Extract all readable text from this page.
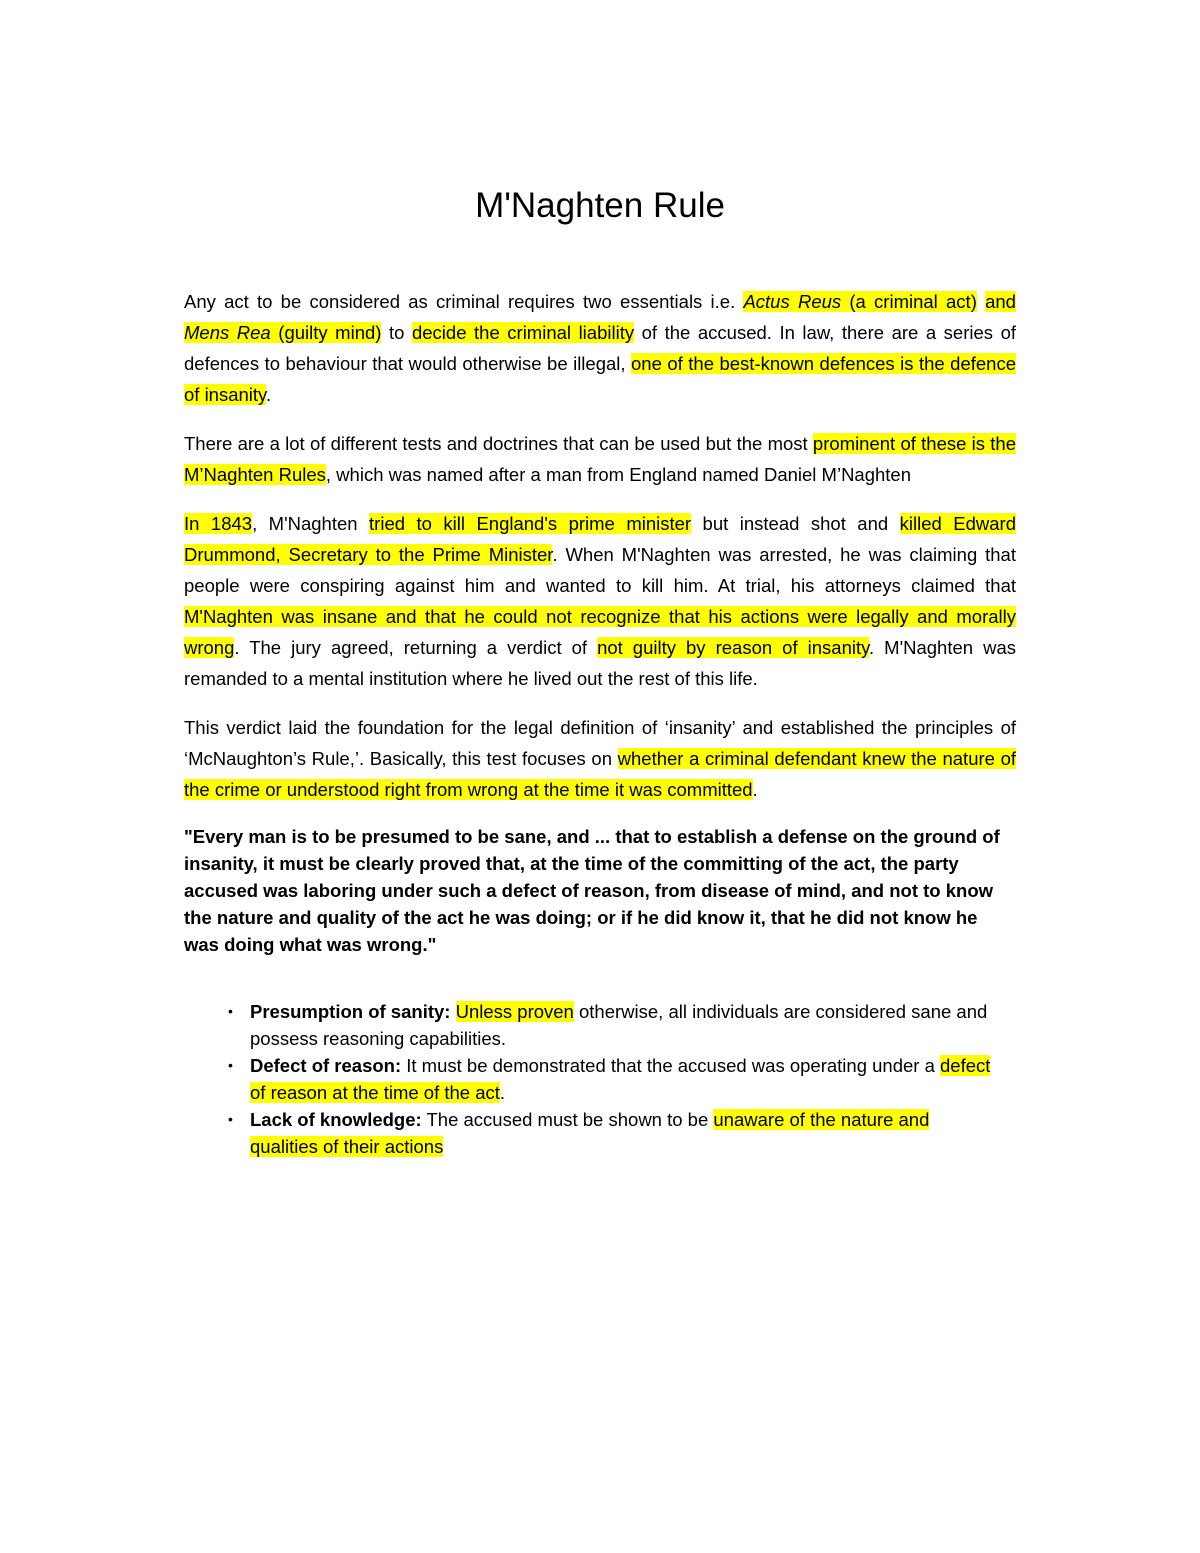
M'Naghten Rule

Any act to be considered as criminal requires two essentials i.e. Actus Reus (a criminal act) and Mens Rea (guilty mind) to decide the criminal liability of the accused. In law, there are a series of defences to behaviour that would otherwise be illegal, one of the best-known defences is the defence of insanity.

There are a lot of different tests and doctrines that can be used but the most prominent of these is the M’Naghten Rules, which was named after a man from England named Daniel M’Naghten

In 1843, M'Naghten tried to kill England's prime minister but instead shot and killed Edward Drummond, Secretary to the Prime Minister. When M'Naghten was arrested, he was claiming that people were conspiring against him and wanted to kill him. At trial, his attorneys claimed that M'Naghten was insane and that he could not recognize that his actions were legally and morally wrong. The jury agreed, returning a verdict of not guilty by reason of insanity. M'Naghten was remanded to a mental institution where he lived out the rest of this life.

This verdict laid the foundation for the legal definition of ‘insanity’ and established the principles of ‘McNaughton’s Rule,’. Basically, this test focuses on whether a criminal defendant knew the nature of the crime or understood right from wrong at the time it was committed.

"Every man is to be presumed to be sane, and ... that to establish a defense on the ground of insanity, it must be clearly proved that, at the time of the committing of the act, the party accused was laboring under such a defect of reason, from disease of mind, and not to know the nature and quality of the act he was doing; or if he did know it, that he did not know he was doing what was wrong."

• Presumption of sanity: Unless proven otherwise, all individuals are considered sane and possess reasoning capabilities.
• Defect of reason: It must be demonstrated that the accused was operating under a defect of reason at the time of the act.
• Lack of knowledge: The accused must be shown to be unaware of the nature and qualities of their actions
